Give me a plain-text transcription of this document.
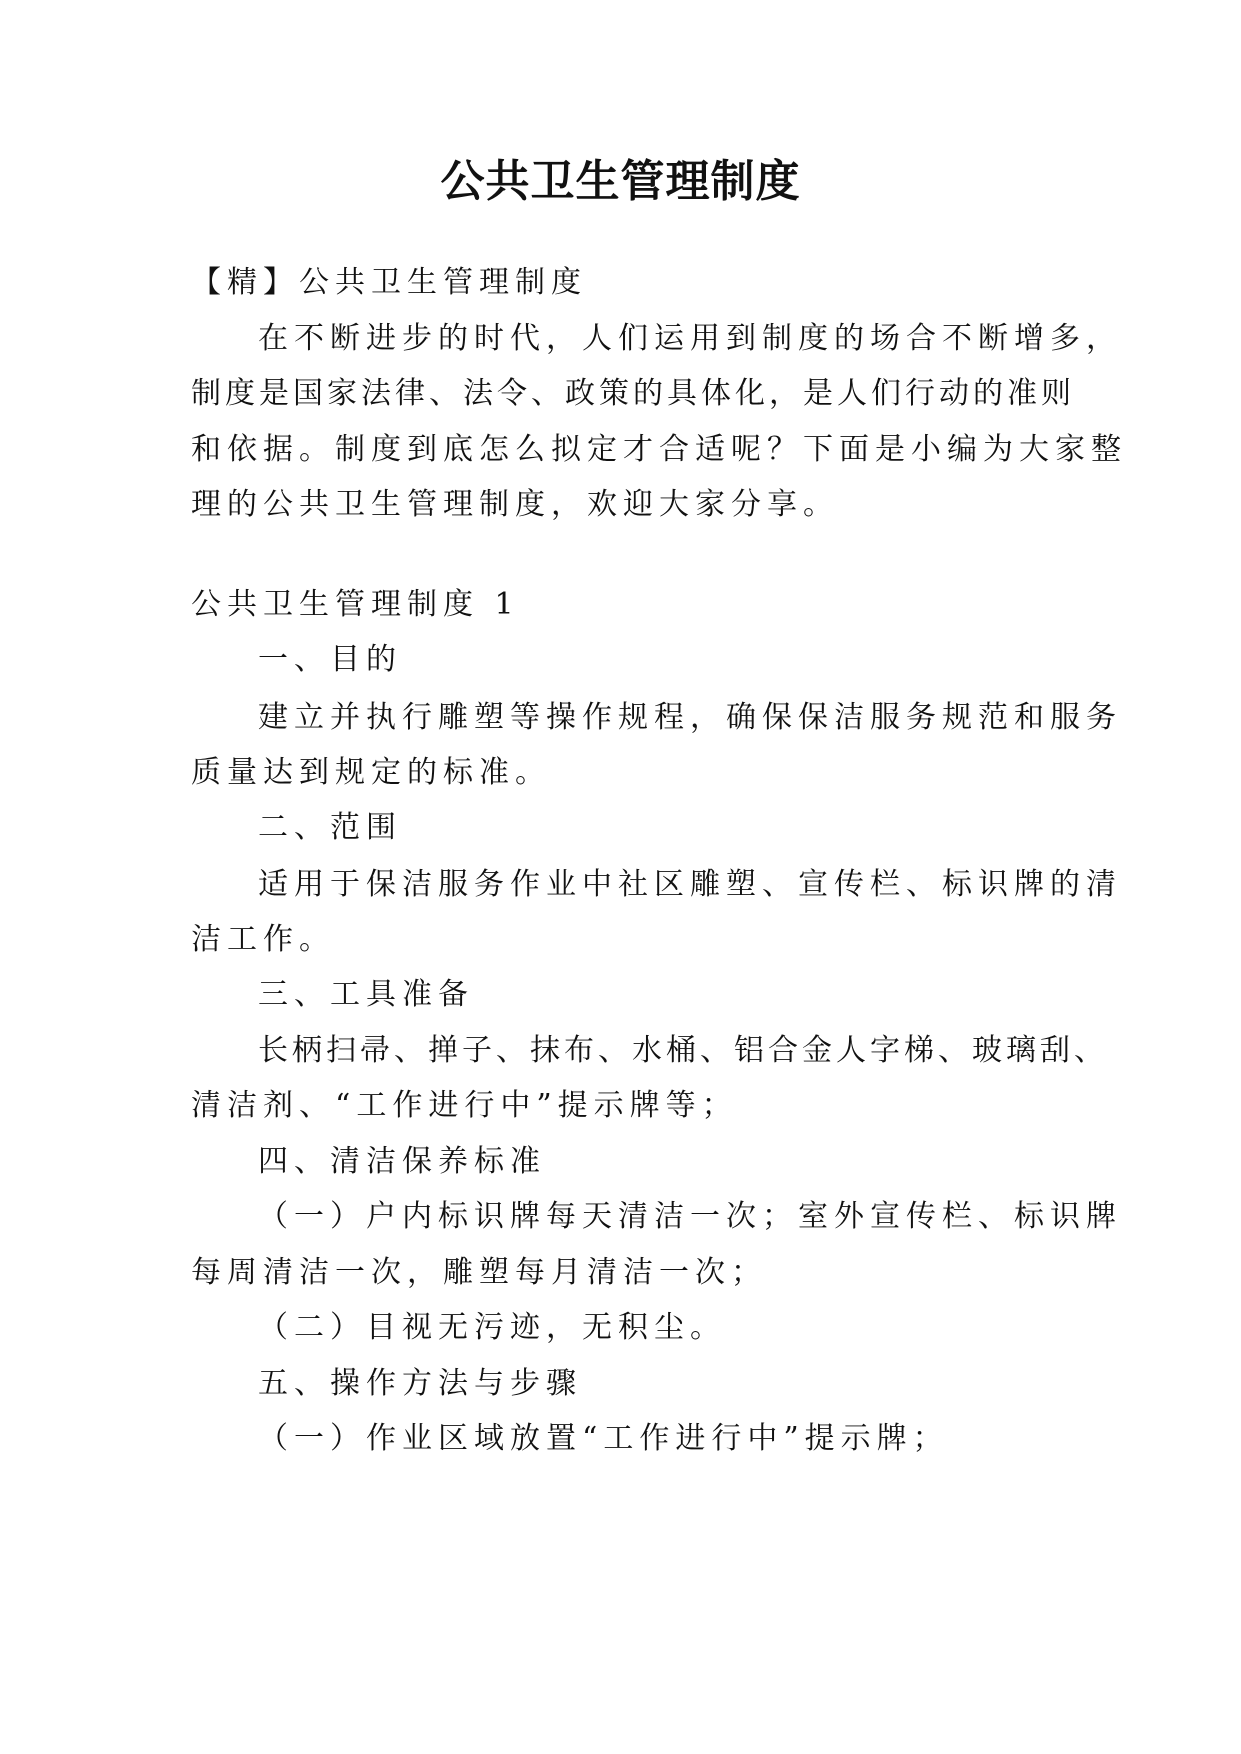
公共卫生管理制度
【精】公共卫生管理制度
在不断进步的时代，人们运用到制度的场合不断增多，
制度是国家法律、法令、政策的具体化，是人们行动的准则
和依据。制度到底怎么拟定才合适呢？下面是小编为大家整
理的公共卫生管理制度，欢迎大家分享。
公共卫生管理制度 1
一、目的
建立并执行雕塑等操作规程，确保保洁服务规范和服务
质量达到规定的标准。
二、范围
适用于保洁服务作业中社区雕塑、宣传栏、标识牌的清
洁工作。
三、工具准备
长柄扫帚、掸子、抹布、水桶、铝合金人字梯、玻璃刮、
清洁剂、“工作进行中”提示牌等；
四、清洁保养标准
（一）户内标识牌每天清洁一次；室外宣传栏、标识牌
每周清洁一次，雕塑每月清洁一次；
（二）目视无污迹，无积尘。
五、操作方法与步骤
（一）作业区域放置“工作进行中”提示牌；
